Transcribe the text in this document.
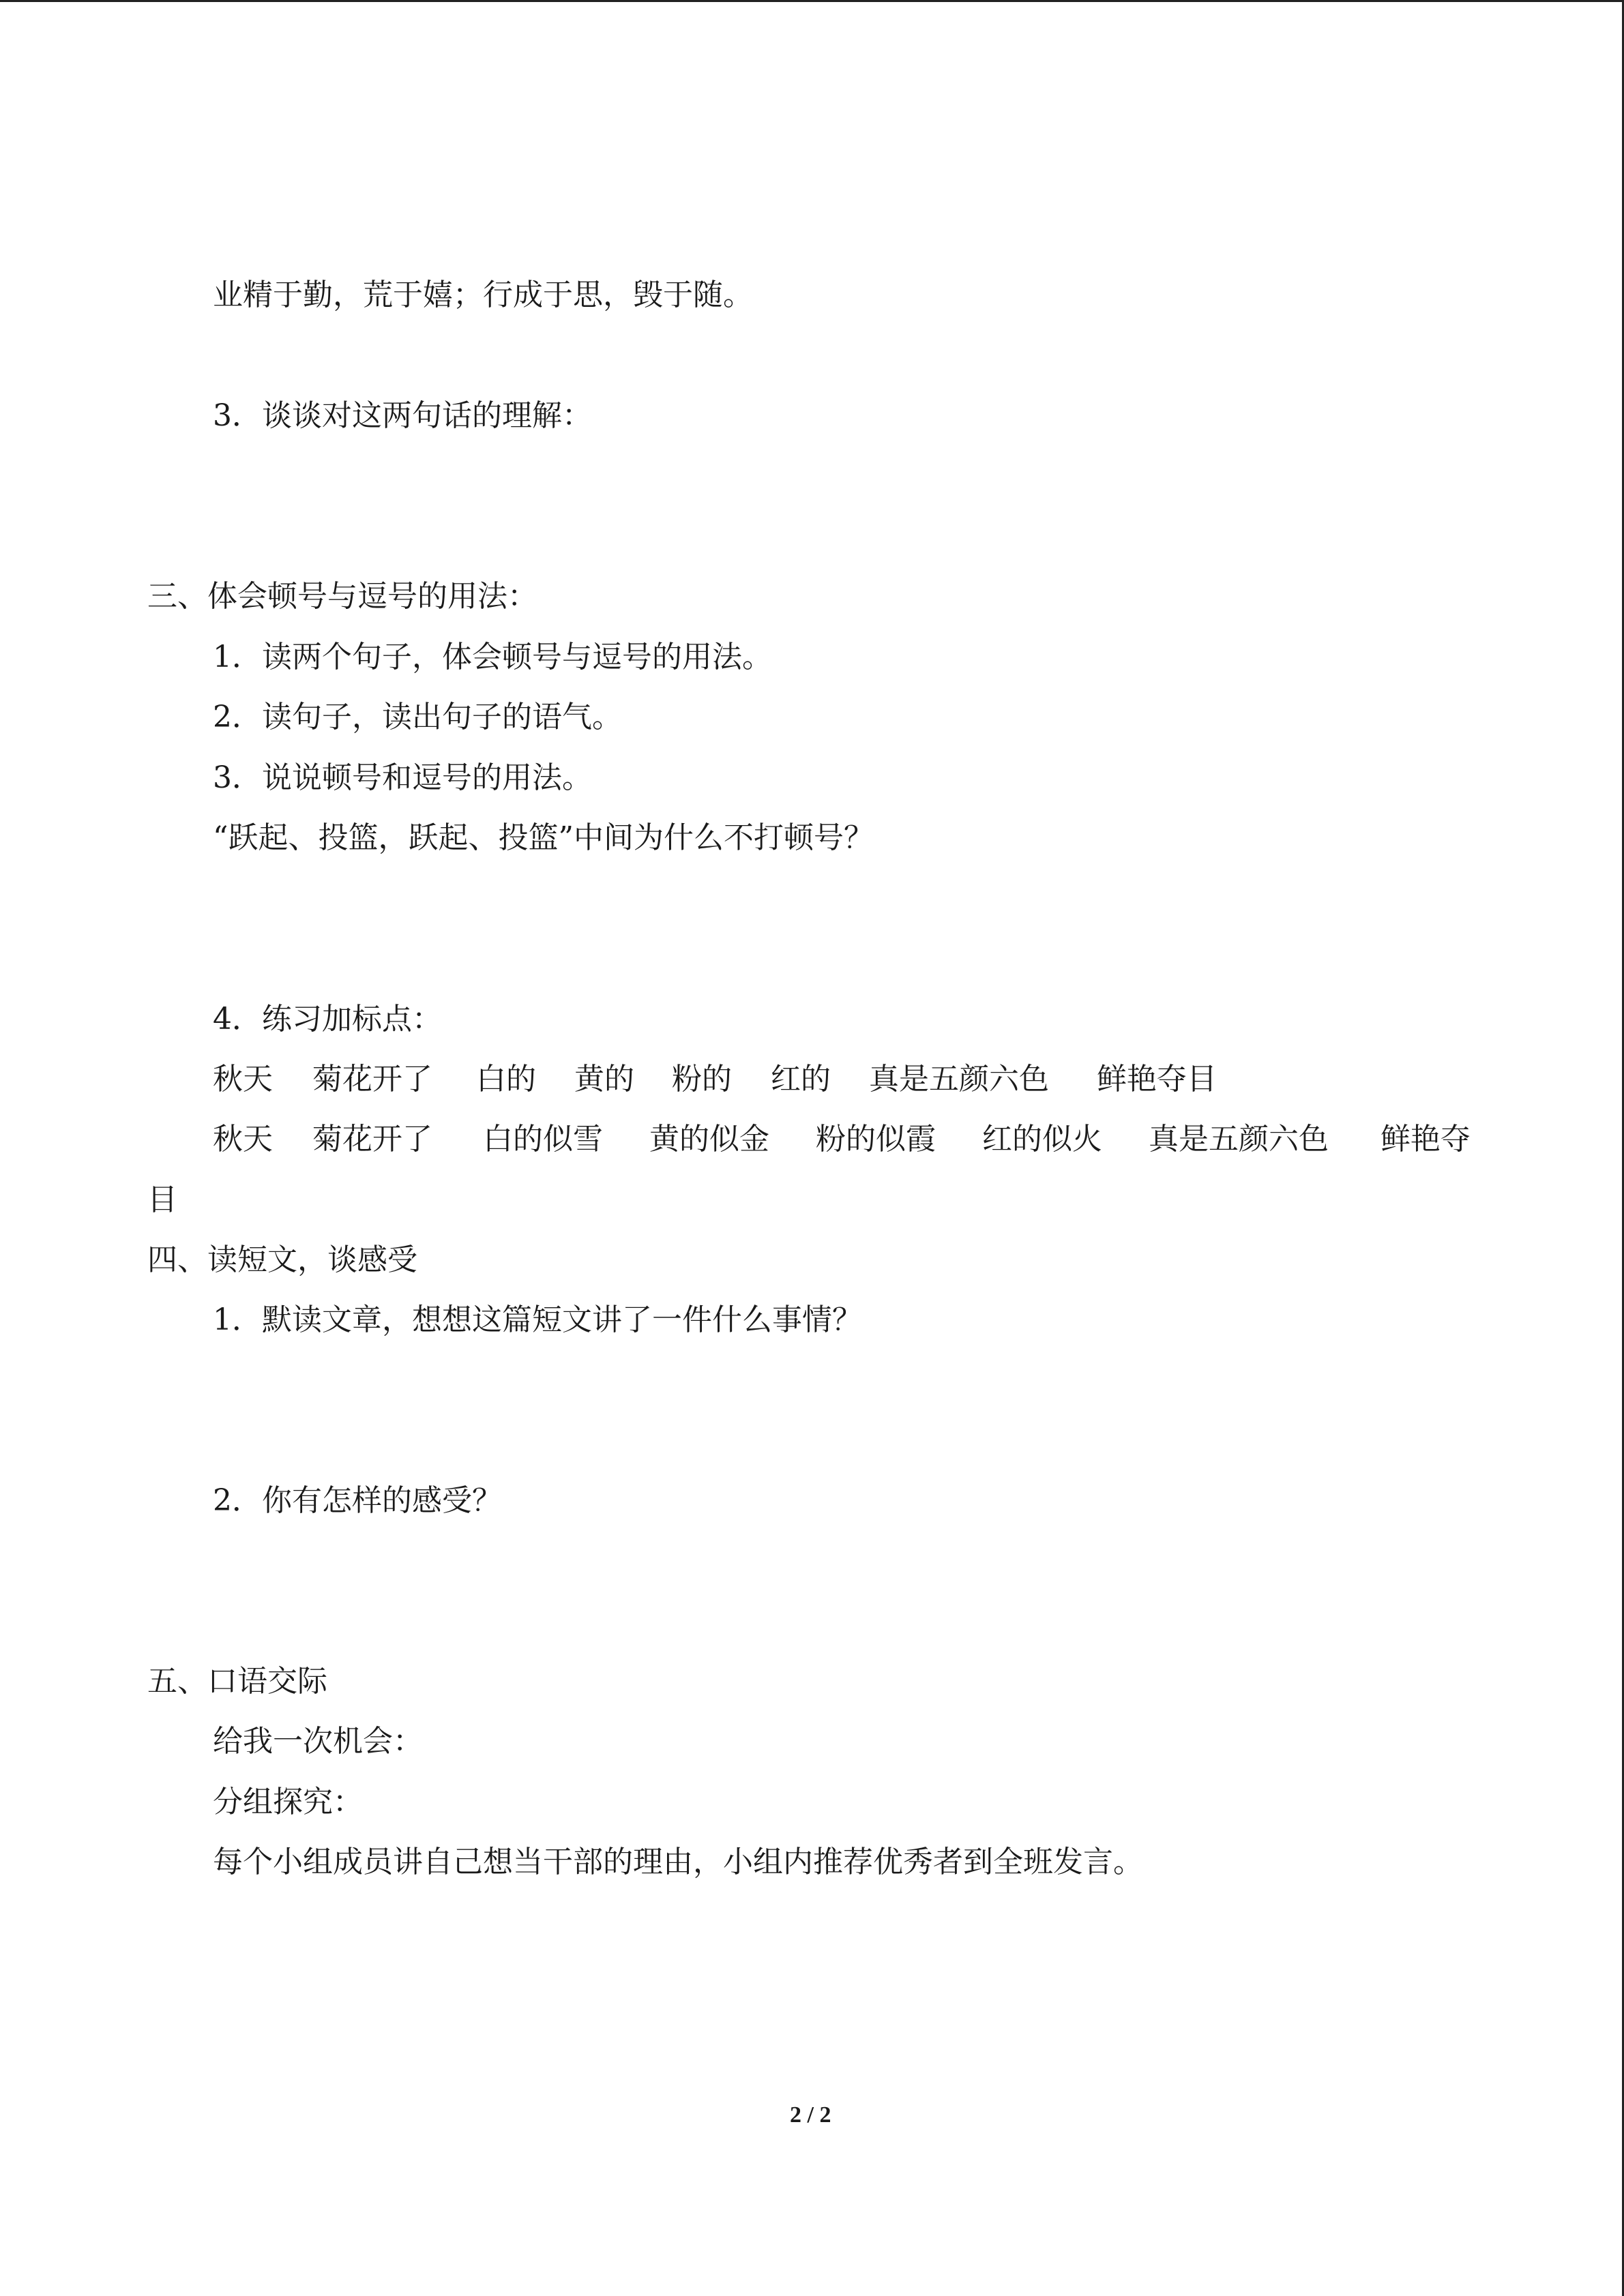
业精于勤，荒于嬉；行成于思，毁于随。
3．谈谈对这两句话的理解：
三、体会顿号与逗号的用法：
1．读两个句子，体会顿号与逗号的用法。
2．读句子，读出句子的语气。
3．说说顿号和逗号的用法。
“跃起、投篮，跃起、投篮”中间为什么不打顿号？
4．练习加标点：
秋天 菊花开了 白的 黄的 粉的 红的 真是五颜六色 鲜艳夺目
秋天 菊花开了 白的似雪 黄的似金 粉的似霞 红的似火 真是五颜六色 鲜艳夺
目
四、读短文，谈感受
1．默读文章，想想这篇短文讲了一件什么事情？
2．你有怎样的感受？
五、口语交际
给我一次机会：
分组探究：
每个小组成员讲自己想当干部的理由，小组内推荐优秀者到全班发言。
2 / 2
